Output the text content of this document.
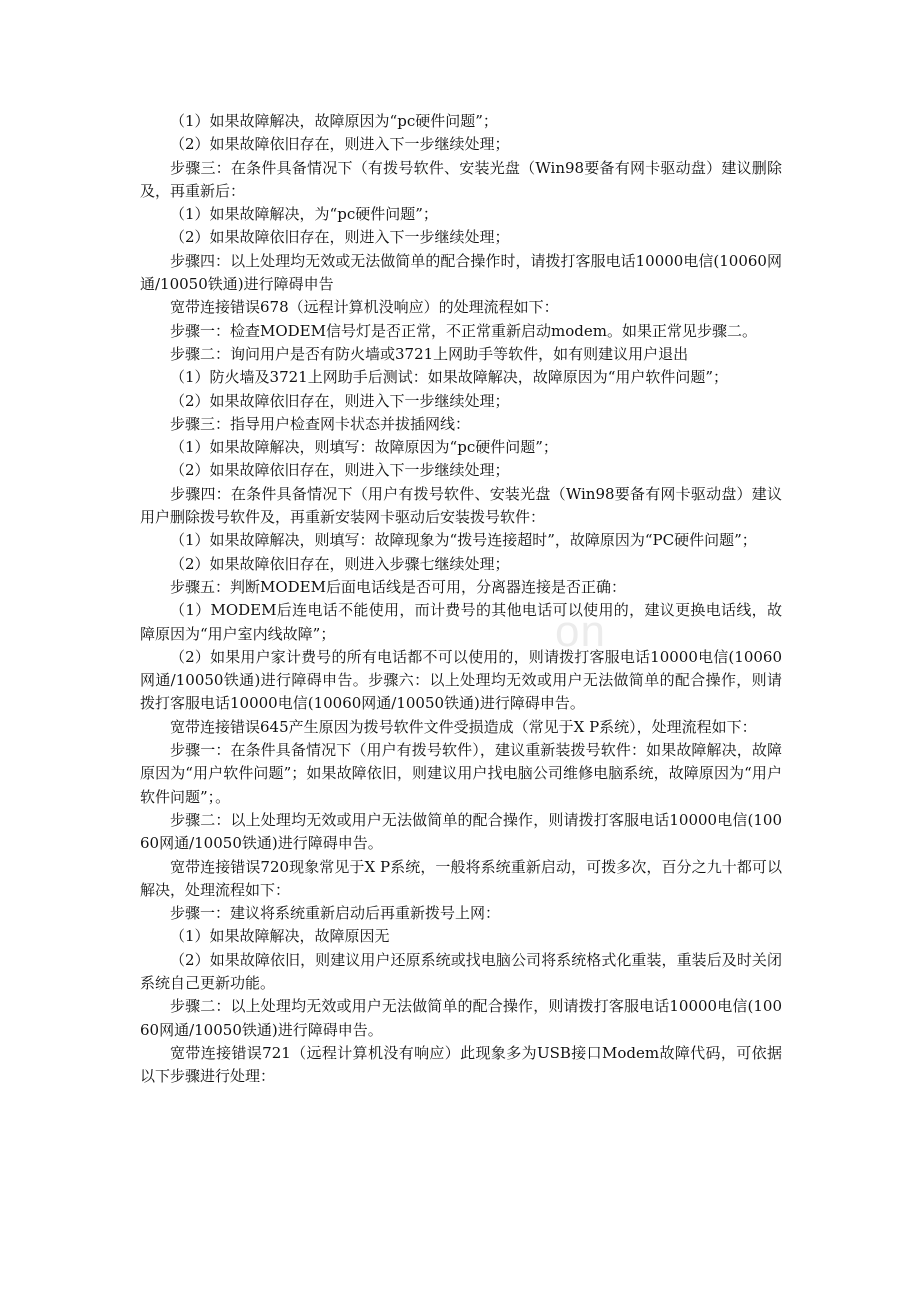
（1）如果故障解决，故障原因为“pc硬件问题”；

（2）如果故障依旧存在，则进入下一步继续处理；

步骤三：在条件具备情况下（有拨号软件、安装光盘（Win98要备有网卡驱动盘）建议删除及，再重新后：

（1）如果故障解决，为“pc硬件问题”；

（2）如果故障依旧存在，则进入下一步继续处理；

步骤四：以上处理均无效或无法做简单的配合操作时，请拨打客服电话10000电信(10060网通/10050铁通)进行障碍申告

宽带连接错误678（远程计算机没响应）的处理流程如下：

步骤一：检查MODEM信号灯是否正常，不正常重新启动modem。如果正常见步骤二。

步骤二：询问用户是否有防火墙或3721上网助手等软件，如有则建议用户退出

（1）防火墙及3721上网助手后测试：如果故障解决，故障原因为“用户软件问题”；

（2）如果故障依旧存在，则进入下一步继续处理；

步骤三：指导用户检查网卡状态并拔插网线：

（1）如果故障解决，则填写：故障原因为“pc硬件问题”；

（2）如果故障依旧存在，则进入下一步继续处理；

步骤四：在条件具备情况下（用户有拨号软件、安装光盘（Win98要备有网卡驱动盘）建议用户删除拨号软件及，再重新安装网卡驱动后安装拨号软件：

（1）如果故障解决，则填写：故障现象为“拨号连接超时”，故障原因为“PC硬件问题”；

（2）如果故障依旧存在，则进入步骤七继续处理；

步骤五：判断MODEM后面电话线是否可用，分离器连接是否正确：

（1）MODEM后连电话不能使用，而计费号的其他电话可以使用的，建议更换电话线，故障原因为“用户室内线故障”；

（2）如果用户家计费号的所有电话都不可以使用的，则请拨打客服电话10000电信(10060网通/10050铁通)进行障碍申告。步骤六：以上处理均无效或用户无法做简单的配合操作，则请拨打客服电话10000电信(10060网通/10050铁通)进行障碍申告。

宽带连接错误645产生原因为拨号软件文件受损造成（常见于X P系统），处理流程如下：

步骤一：在条件具备情况下（用户有拨号软件），建议重新装拨号软件：如果故障解决，故障原因为“用户软件问题”；如果故障依旧，则建议用户找电脑公司维修电脑系统，故障原因为“用户软件问题”；。

步骤二：以上处理均无效或用户无法做简单的配合操作，则请拨打客服电话10000电信(10060网通/10050铁通)进行障碍申告。

宽带连接错误720现象常见于X P系统，一般将系统重新启动，可拨多次，百分之九十都可以解决，处理流程如下：

步骤一：建议将系统重新启动后再重新拨号上网：

（1）如果故障解决，故障原因无

（2）如果故障依旧，则建议用户还原系统或找电脑公司将系统格式化重装，重装后及时关闭系统自己更新功能。

步骤二：以上处理均无效或用户无法做简单的配合操作，则请拨打客服电话10000电信(10060网通/10050铁通)进行障碍申告。

宽带连接错误721（远程计算机没有响应）此现象多为USB接口Modem故障代码，可依据以下步骤进行处理：

on
